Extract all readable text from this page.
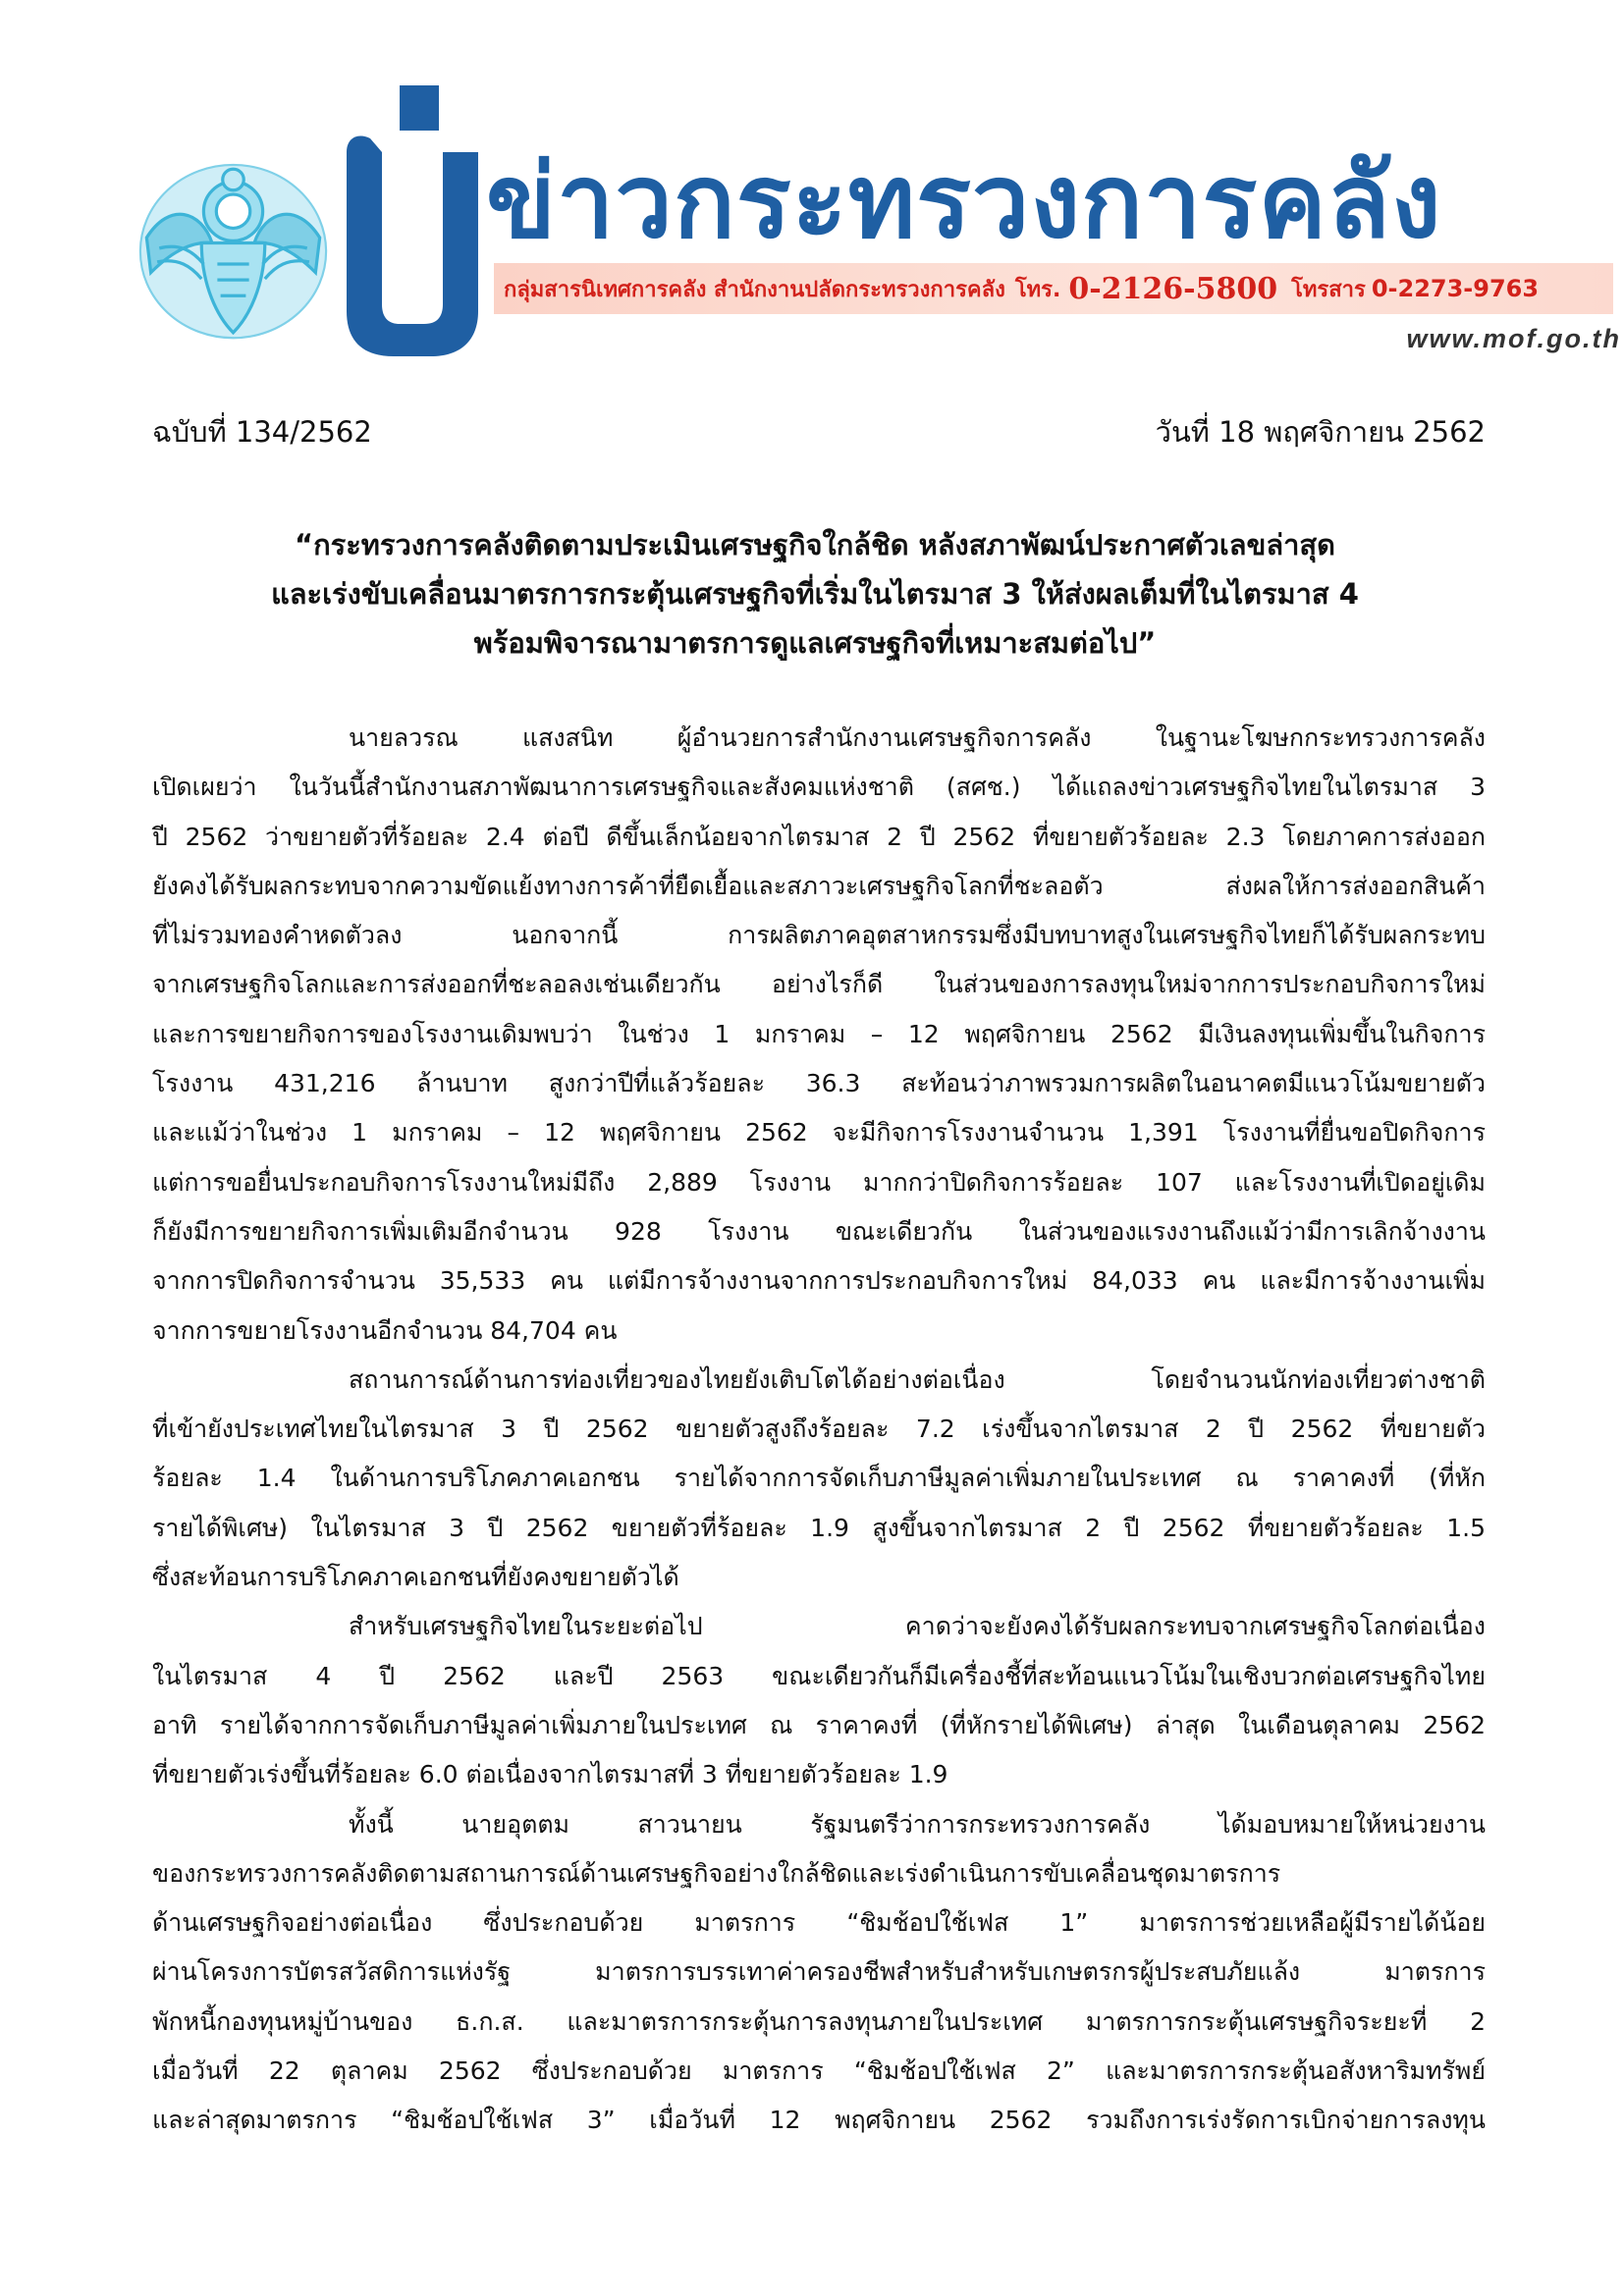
ข่าวกระทรวงการคลัง
กลุ่มสารนิเทศการคลัง สำนักงานปลัดกระทรวงการคลัง โทร. 0-2126-5800 โทรสาร 0-2273-9763
www.mof.go.th
ฉบับที่ 134/2562	วันที่ 18 พฤศจิกายน 2562
“กระทรวงการคลังติดตามประเมินเศรษฐกิจใกล้ชิด หลังสภาพัฒน์ประกาศตัวเลขล่าสุด
และเร่งขับเคลื่อนมาตรการกระตุ้นเศรษฐกิจที่เริ่มในไตรมาส 3 ให้ส่งผลเต็มที่ในไตรมาส 4
พร้อมพิจารณามาตรการดูแลเศรษฐกิจที่เหมาะสมต่อไป”
นายลวรณ แสงสนิท ผู้อำนวยการสำนักงานเศรษฐกิจการคลัง ในฐานะโฆษกกระทรวงการคลัง
เปิดเผยว่า ในวันนี้สำนักงานสภาพัฒนาการเศรษฐกิจและสังคมแห่งชาติ (สศช.) ได้แถลงข่าวเศรษฐกิจไทยในไตรมาส 3
ปี 2562 ว่าขยายตัวที่ร้อยละ 2.4 ต่อปี ดีขึ้นเล็กน้อยจากไตรมาส 2 ปี 2562 ที่ขยายตัวร้อยละ 2.3 โดยภาคการส่งออก
ยังคงได้รับผลกระทบจากความขัดแย้งทางการค้าที่ยืดเยื้อและสภาวะเศรษฐกิจโลกที่ชะลอตัว ส่งผลให้การส่งออกสินค้า
ที่ไม่รวมทองคำหดตัวลง นอกจากนี้ การผลิตภาคอุตสาหกรรมซึ่งมีบทบาทสูงในเศรษฐกิจไทยก็ได้รับผลกระทบ
จากเศรษฐกิจโลกและการส่งออกที่ชะลอลงเช่นเดียวกัน อย่างไรก็ดี ในส่วนของการลงทุนใหม่จากการประกอบกิจการใหม่
และการขยายกิจการของโรงงานเดิมพบว่า ในช่วง 1 มกราคม – 12 พฤศจิกายน 2562 มีเงินลงทุนเพิ่มขึ้นในกิจการ
โรงงาน 431,216 ล้านบาท สูงกว่าปีที่แล้วร้อยละ 36.3 สะท้อนว่าภาพรวมการผลิตในอนาคตมีแนวโน้มขยายตัว
และแม้ว่าในช่วง 1 มกราคม – 12 พฤศจิกายน 2562 จะมีกิจการโรงงานจำนวน 1,391 โรงงานที่ยื่นขอปิดกิจการ
แต่การขอยื่นประกอบกิจการโรงงานใหม่มีถึง 2,889 โรงงาน มากกว่าปิดกิจการร้อยละ 107 และโรงงานที่เปิดอยู่เดิม
ก็ยังมีการขยายกิจการเพิ่มเติมอีกจำนวน 928 โรงงาน ขณะเดียวกัน ในส่วนของแรงงานถึงแม้ว่ามีการเลิกจ้างงาน
จากการปิดกิจการจำนวน 35,533 คน แต่มีการจ้างงานจากการประกอบกิจการใหม่ 84,033 คน และมีการจ้างงานเพิ่ม
จากการขยายโรงงานอีกจำนวน 84,704 คน
สถานการณ์ด้านการท่องเที่ยวของไทยยังเติบโตได้อย่างต่อเนื่อง โดยจำนวนนักท่องเที่ยวต่างชาติ
ที่เข้ายังประเทศไทยในไตรมาส 3 ปี 2562 ขยายตัวสูงถึงร้อยละ 7.2 เร่งขึ้นจากไตรมาส 2 ปี 2562 ที่ขยายตัว
ร้อยละ 1.4 ในด้านการบริโภคภาคเอกชน รายได้จากการจัดเก็บภาษีมูลค่าเพิ่มภายในประเทศ ณ ราคาคงที่ (ที่หัก
รายได้พิเศษ) ในไตรมาส 3 ปี 2562 ขยายตัวที่ร้อยละ 1.9 สูงขึ้นจากไตรมาส 2 ปี 2562 ที่ขยายตัวร้อยละ 1.5
ซึ่งสะท้อนการบริโภคภาคเอกชนที่ยังคงขยายตัวได้
สำหรับเศรษฐกิจไทยในระยะต่อไป คาดว่าจะยังคงได้รับผลกระทบจากเศรษฐกิจโลกต่อเนื่อง
ในไตรมาส 4 ปี 2562 และปี 2563 ขณะเดียวกันก็มีเครื่องชี้ที่สะท้อนแนวโน้มในเชิงบวกต่อเศรษฐกิจไทย
อาทิ รายได้จากการจัดเก็บภาษีมูลค่าเพิ่มภายในประเทศ ณ ราคาคงที่ (ที่หักรายได้พิเศษ) ล่าสุด ในเดือนตุลาคม 2562
ที่ขยายตัวเร่งขึ้นที่ร้อยละ 6.0 ต่อเนื่องจากไตรมาสที่ 3 ที่ขยายตัวร้อยละ 1.9
ทั้งนี้ นายอุตตม สาวนายน รัฐมนตรีว่าการกระทรวงการคลัง ได้มอบหมายให้หน่วยงาน
ของกระทรวงการคลังติดตามสถานการณ์ด้านเศรษฐกิจอย่างใกล้ชิดและเร่งดำเนินการขับเคลื่อนชุดมาตรการ
ด้านเศรษฐกิจอย่างต่อเนื่อง ซึ่งประกอบด้วย มาตรการ “ชิมช้อปใช้เฟส 1” มาตรการช่วยเหลือผู้มีรายได้น้อย
ผ่านโครงการบัตรสวัสดิการแห่งรัฐ มาตรการบรรเทาค่าครองชีพสำหรับสำหรับเกษตรกรผู้ประสบภัยแล้ง มาตรการ
พักหนี้กองทุนหมู่บ้านของ ธ.ก.ส. และมาตรการกระตุ้นการลงทุนภายในประเทศ มาตรการกระตุ้นเศรษฐกิจระยะที่ 2
เมื่อวันที่ 22 ตุลาคม 2562 ซึ่งประกอบด้วย มาตรการ “ชิมช้อปใช้เฟส 2” และมาตรการกระตุ้นอสังหาริมทรัพย์
และล่าสุดมาตรการ “ชิมช้อปใช้เฟส 3” เมื่อวันที่ 12 พฤศจิกายน 2562 รวมถึงการเร่งรัดการเบิกจ่ายการลงทุน
